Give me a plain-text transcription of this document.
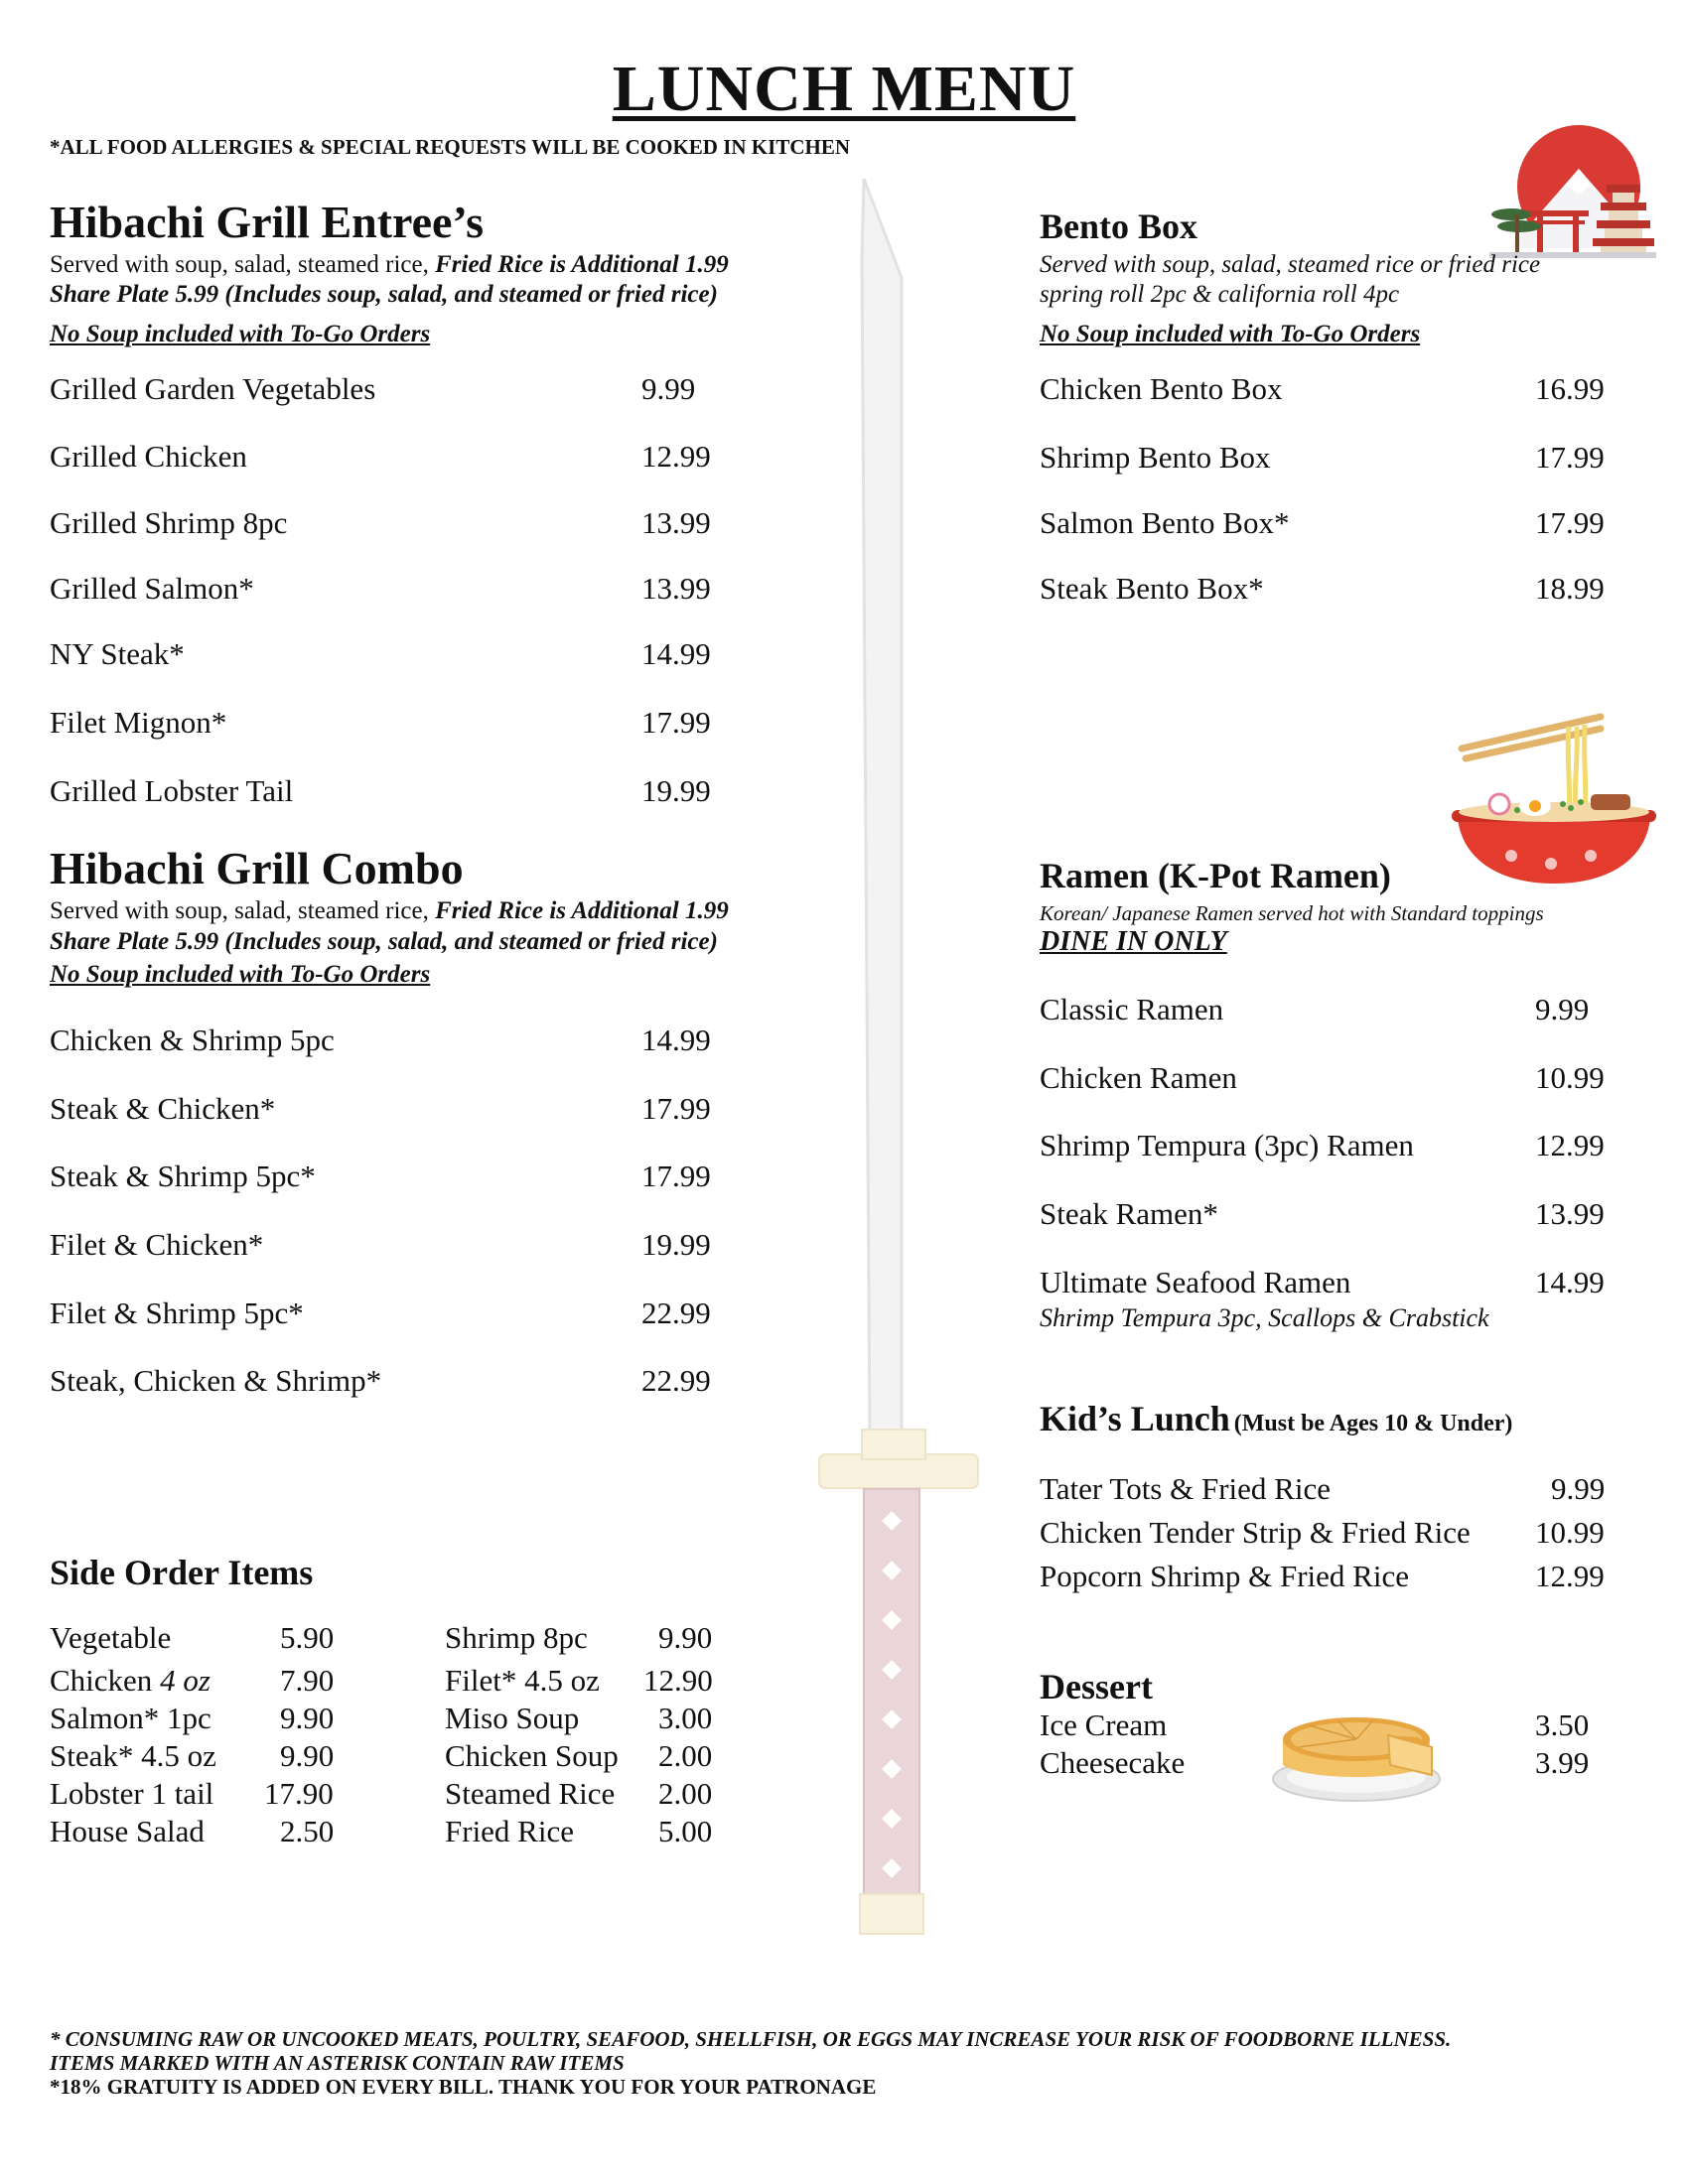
LUNCH MENU
*ALL FOOD ALLERGIES & SPECIAL REQUESTS WILL BE COOKED IN KITCHEN
Hibachi Grill Entree’s
Served with soup, salad, steamed rice, Fried Rice is Additional 1.99
Share Plate 5.99 (Includes soup, salad, and steamed or fried rice)
No Soup included with To-Go Orders
Grilled Garden Vegetables	9.99
Grilled Chicken	12.99
Grilled Shrimp 8pc	13.99
Grilled Salmon*	13.99
NY Steak*	14.99
Filet Mignon*	17.99
Grilled Lobster Tail	19.99
Hibachi Grill Combo
Served with soup, salad, steamed rice, Fried Rice is Additional 1.99
Share Plate 5.99 (Includes soup, salad, and steamed or fried rice)
No Soup included with To-Go Orders
Chicken & Shrimp 5pc	14.99
Steak & Chicken*	17.99
Steak & Shrimp 5pc*	17.99
Filet & Chicken*	19.99
Filet & Shrimp 5pc*	22.99
Steak, Chicken & Shrimp*	22.99
Side Order Items
Vegetable	5.90
Chicken 4 oz 7.90
Salmon* 1pc 9.90
Steak* 4.5 oz 9.90
Lobster 1 tail 17.90
House Salad 2.50
Shrimp 8pc 9.90
Filet* 4.5 oz 12.90
Miso Soup	3.00
Chicken Soup 2.00
Steamed Rice 2.00
Fried Rice	5.00
Bento Box
Served with soup, salad, steamed rice or fried rice
spring roll 2pc & california roll 4pc
No Soup included with To-Go Orders
Chicken Bento Box	16.99
Shrimp Bento Box	17.99
Salmon Bento Box*	17.99
Steak Bento Box*	18.99
Ramen (K-Pot Ramen)
Korean/ Japanese Ramen served hot with Standard toppings
DINE IN ONLY
Classic Ramen	9.99
Chicken Ramen	10.99
Shrimp Tempura (3pc) Ramen	12.99
Steak Ramen*	13.99
Ultimate Seafood Ramen	14.99
Shrimp Tempura 3pc, Scallops & Crabstick
Kid’s Lunch (Must be Ages 10 & Under)
Tater Tots & Fried Rice	9.99
Chicken Tender Strip & Fried Rice 10.99
Popcorn Shrimp & Fried Rice	12.99
Dessert
Ice Cream	3.50
Cheesecake	3.99
* CONSUMING RAW OR UNCOOKED MEATS, POULTRY, SEAFOOD, SHELLFISH, OR EGGS MAY INCREASE YOUR RISK OF FOODBORNE ILLNESS.
ITEMS MARKED WITH AN ASTERISK CONTAIN RAW ITEMS
*18% GRATUITY IS ADDED ON EVERY BILL. THANK YOU FOR YOUR PATRONAGE
